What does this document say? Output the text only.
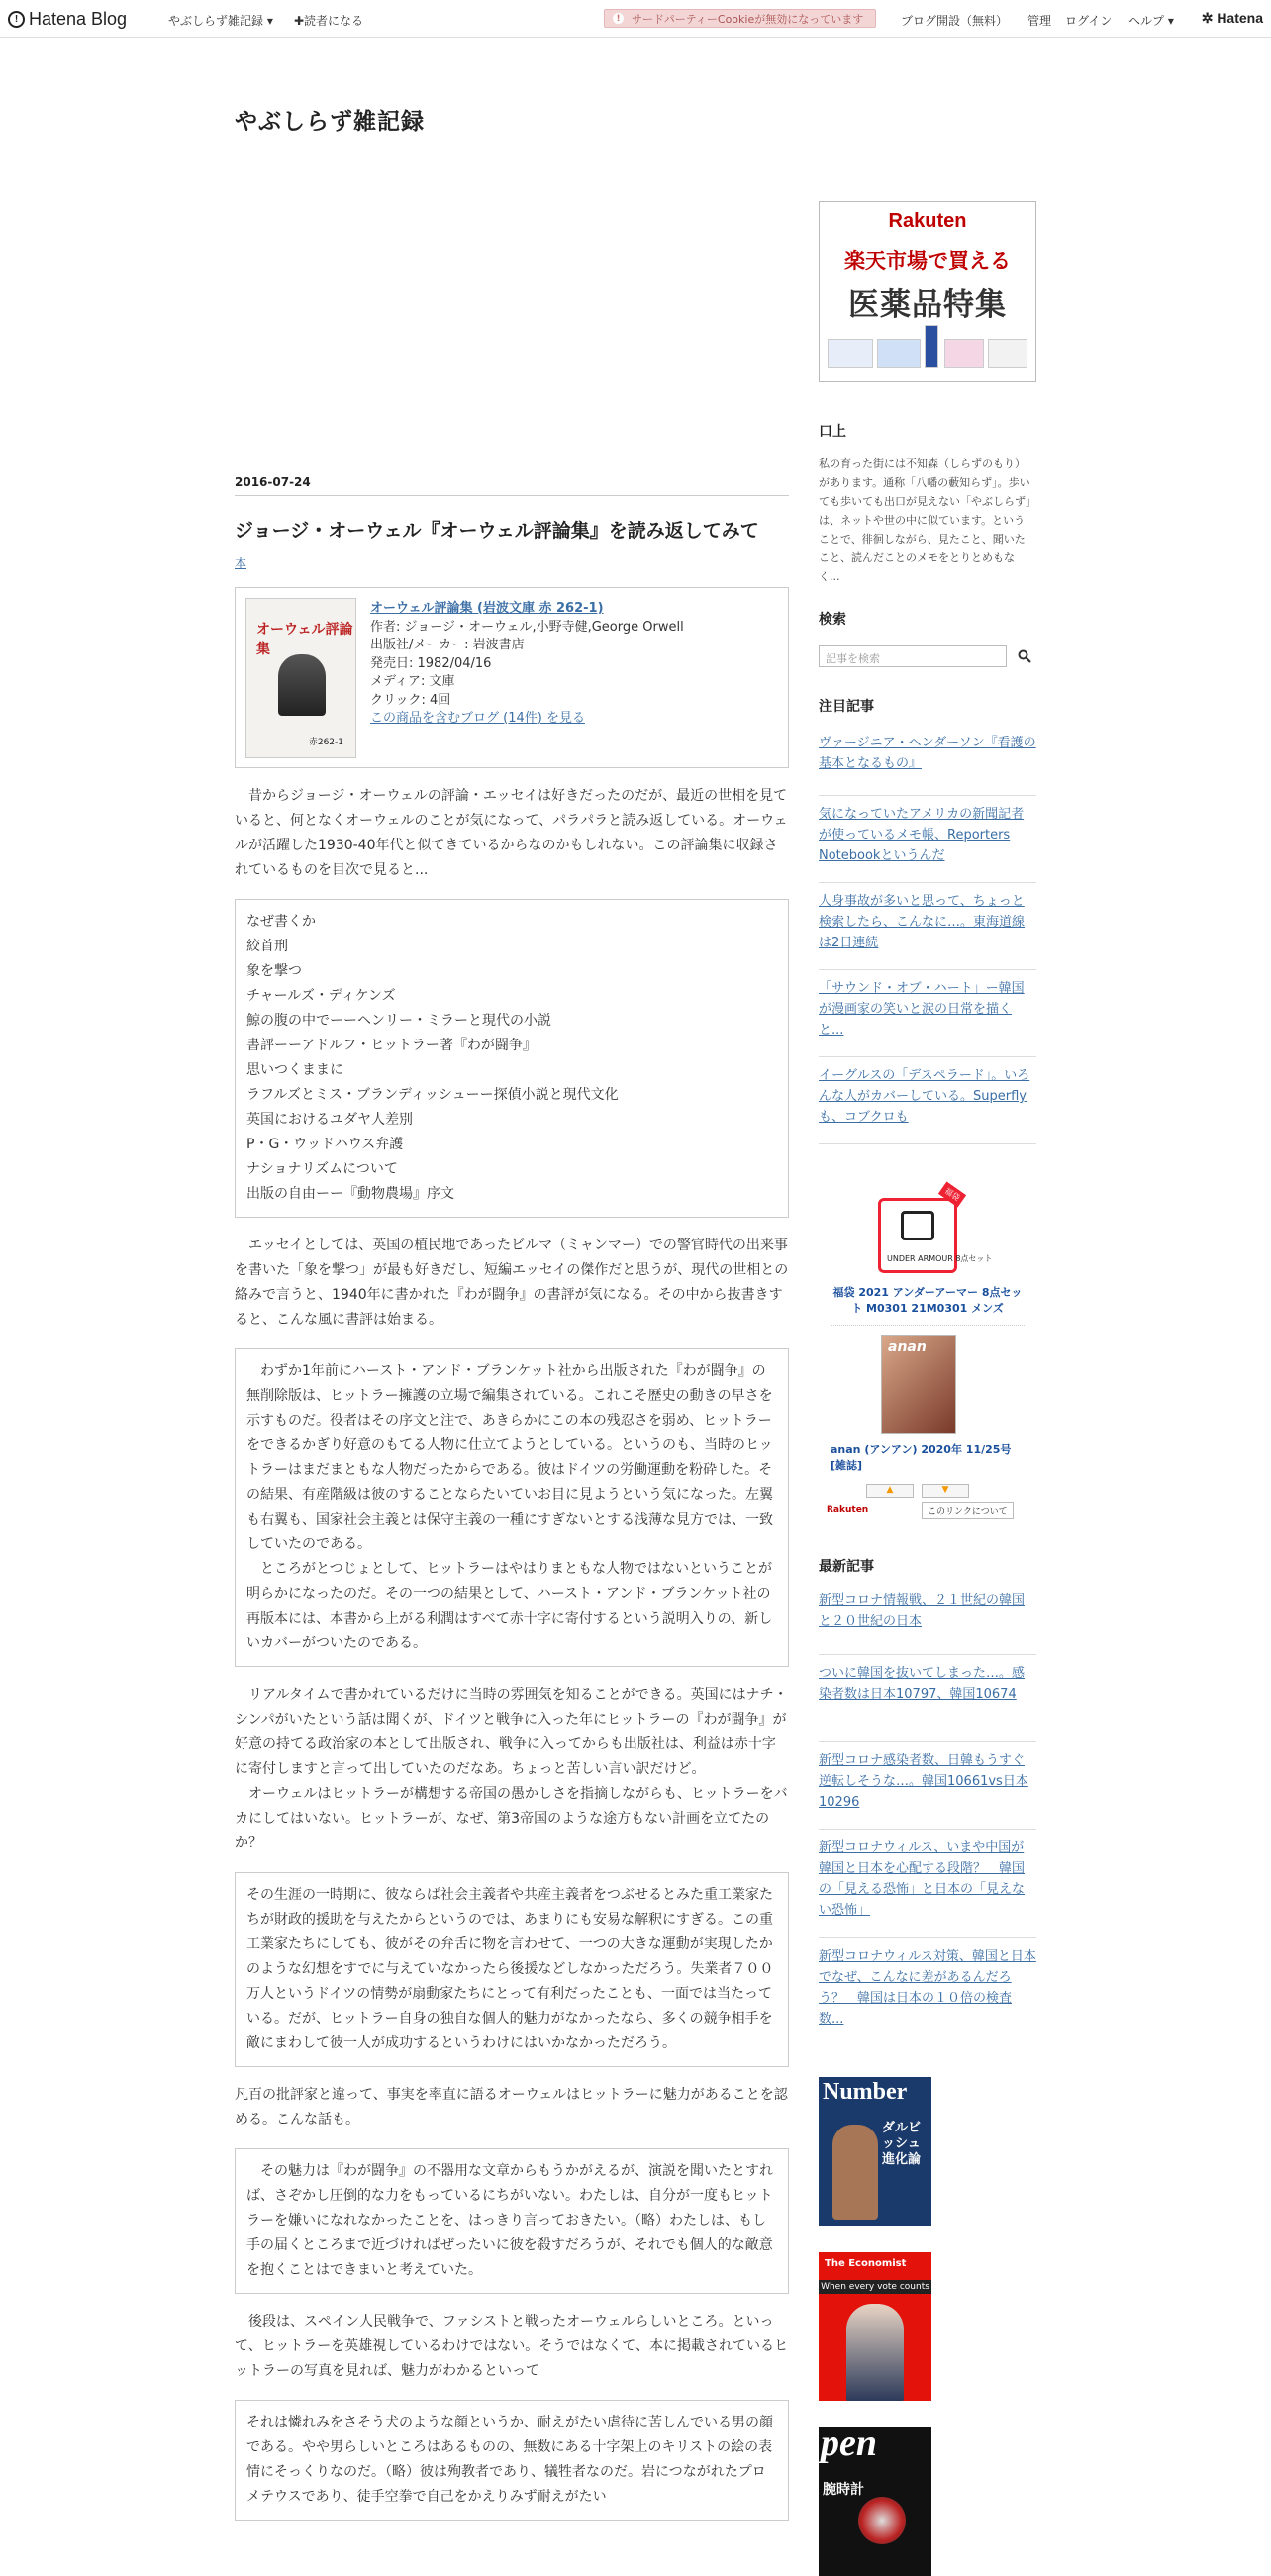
! Hatena Blog	やぶしらず雑記録 ▾ ✚読者になる	!	サードパーティーCookieが無効になっています	ブログ開設（無料） 管理 ログイン ヘルプ ▾ ✲ Hatena
やぶしらず雑記録
2016-07-24
ジョージ・オーウェル『オーウェル評論集』を読み返してみて
本
オーウェル評論集
赤262-1
オーウェル評論集 (岩波文庫 赤 262-1)
作者: ジョージ・オーウェル,小野寺健,George Orwell
出版社/メーカー: 岩波書店
発売日: 1982/04/16
メディア: 文庫
クリック: 4回
この商品を含むブログ (14件) を見る

昔からジョージ・オーウェルの評論・エッセイは好きだったのだが、最近の世相を見ていると、何となくオーウェルのことが気になって、パラパラと読み返している。オーウェルが活躍した1930-40年代と似てきているからなのかもしれない。この評論集に収録されているものを目次で見ると...

なぜ書くか
絞首刑
象を撃つ
チャールズ・ディケンズ
鯨の腹の中でーーヘンリー・ミラーと現代の小説
書評ーーアドルフ・ヒットラー著『わが闘争』
思いつくままに
ラフルズとミス・ブランディッシューー探偵小説と現代文化
英国におけるユダヤ人差別
P・G・ウッドハウス弁護
ナショナリズムについて
出版の自由ーー『動物農場』序文

エッセイとしては、英国の植民地であったビルマ（ミャンマー）での警官時代の出来事を書いた「象を撃つ」が最も好きだし、短編エッセイの傑作だと思うが、現代の世相との絡みで言うと、1940年に書かれた『わが闘争』の書評が気になる。その中から抜書きすると、こんな風に書評は始まる。

わずか1年前にハースト・アンド・ブランケット社から出版された『わが闘争』の無削除版は、ヒットラー擁護の立場で編集されている。これこそ歴史の動きの早さを示すものだ。役者はその序文と注で、あきらかにこの本の残忍さを弱め、ヒットラーをできるかぎり好意のもてる人物に仕立てようとしている。というのも、当時のヒットラーはまだまともな人物だったからである。彼はドイツの労働運動を粉砕した。その結果、有産階級は彼のすることならたいていお目に見ようという気になった。左翼も右翼も、国家社会主義とは保守主義の一種にすぎないとする浅薄な見方では、一致していたのである。

ところがとつじょとして、ヒットラーはやはりまともな人物ではないということが明らかになったのだ。その一つの結果として、ハースト・アンド・ブランケット社の再版本には、本書から上がる利潤はすべて赤十字に寄付するという説明入りの、新しいカバーがついたのである。

リアルタイムで書かれているだけに当時の雰囲気を知ることができる。英国にはナチ・シンパがいたという話は聞くが、ドイツと戦争に入った年にヒットラーの『わが闘争』が好意の持てる政治家の本として出版され、戦争に入ってからも出版社は、利益は赤十字に寄付しますと言って出していたのだなあ。ちょっと苦しい言い訳だけど。

オーウェルはヒットラーが構想する帝国の愚かしさを指摘しながらも、ヒットラーをバカにしてはいない。ヒットラーが、なぜ、第3帝国のような途方もない計画を立てたのか？

その生涯の一時期に、彼ならば社会主義者や共産主義者をつぶせるとみた重工業家たちが財政的援助を与えたからというのでは、あまりにも安易な解釈にすぎる。この重工業家たちにしても、彼がその弁舌に物を言わせて、一つの大きな運動が実現したかのような幻想をすでに与えていなかったら後援などしなかっただろう。失業者７００万人というドイツの情勢が扇動家たちにとって有利だったことも、一面では当たっている。だが、ヒットラー自身の独自な個人的魅力がなかったなら、多くの競争相手を敵にまわして彼一人が成功するというわけにはいかなかっただろう。

凡百の批評家と違って、事実を率直に語るオーウェルはヒットラーに魅力があることを認める。こんな話も。

その魅力は『わが闘争』の不器用な文章からもうかがえるが、演説を聞いたとすれば、さぞかし圧倒的な力をもっているにちがいない。わたしは、自分が一度もヒットラーを嫌いになれなかったことを、はっきり言っておきたい。（略）わたしは、もし手の届くところまで近づければぜったいに彼を殺すだろうが、それでも個人的な敵意を抱くことはできまいと考えていた。

後段は、スペイン人民戦争で、ファシストと戦ったオーウェルらしいところ。といって、ヒットラーを英雄視しているわけではない。そうではなくて、本に掲載されているヒットラーの写真を見れば、魅力がわかるといって

それは憐れみをさそう犬のような顔というか、耐えがたい虐待に苦しんでいる男の顔である。やや男らしいところはあるものの、無数にある十字架上のキリストの絵の表情にそっくりなのだ。（略）彼は殉教者であり、犠牲者なのだ。岩につながれたプロメテウスであり、徒手空拳で自己をかえりみず耐えがたい

Rakuten
楽天市場で買える
医薬品特集
口上
私の育った街には不知森（しらずのもり）があります。通称「八幡の藪知らず」。歩いても歩いても出口が見えない「やぶしらず」は、ネットや世の中に似ています。ということで、徘徊しながら、見たこと、聞いたこと、読んだことのメモをとりとめもなく...
検索
記事を検索
注目記事
ヴァージニア・ヘンダーソン『看護の基本となるもの』
気になっていたアメリカの新聞記者が使っているメモ帳、Reporters Notebookというんだ
人身事故が多いと思って、ちょっと検索したら、こんなに…。東海道線は2日連続
「サウンド・オブ・ハート」ー韓国が漫画家の笑いと涙の日常を描くと...
イーグルスの「デスペラード」。いろんな人がカバーしている。Superflyも、コブクロも
UNDER ARMOUR 8点セット
福袋
福袋 2021 アンダーアーマー 8点セット M0301 21M0301 メンズ
anan
anan (アンアン) 2020年 11/25号 [雑誌]
▲	▼
Rakuten	このリンクについて
最新記事
新型コロナ情報戦、２１世紀の韓国と２０世紀の日本
ついに韓国を抜いてしまった…。感染者数は日本10797、韓国10674
新型コロナ感染者数、日韓もうすぐ逆転しそうな…。韓国10661vs日本10296
新型コロナウィルス、いまや中国が韓国と日本を心配する段階？　韓国の「見える恐怖」と日本の「見えない恐怖」
新型コロナウィルス対策、韓国と日本でなぜ、こんなに差があるんだろう？　韓国は日本の１０倍の検査数...
Number
ダルビッシュ 進化論
The Economist
When every vote counts
pen
腕時計
